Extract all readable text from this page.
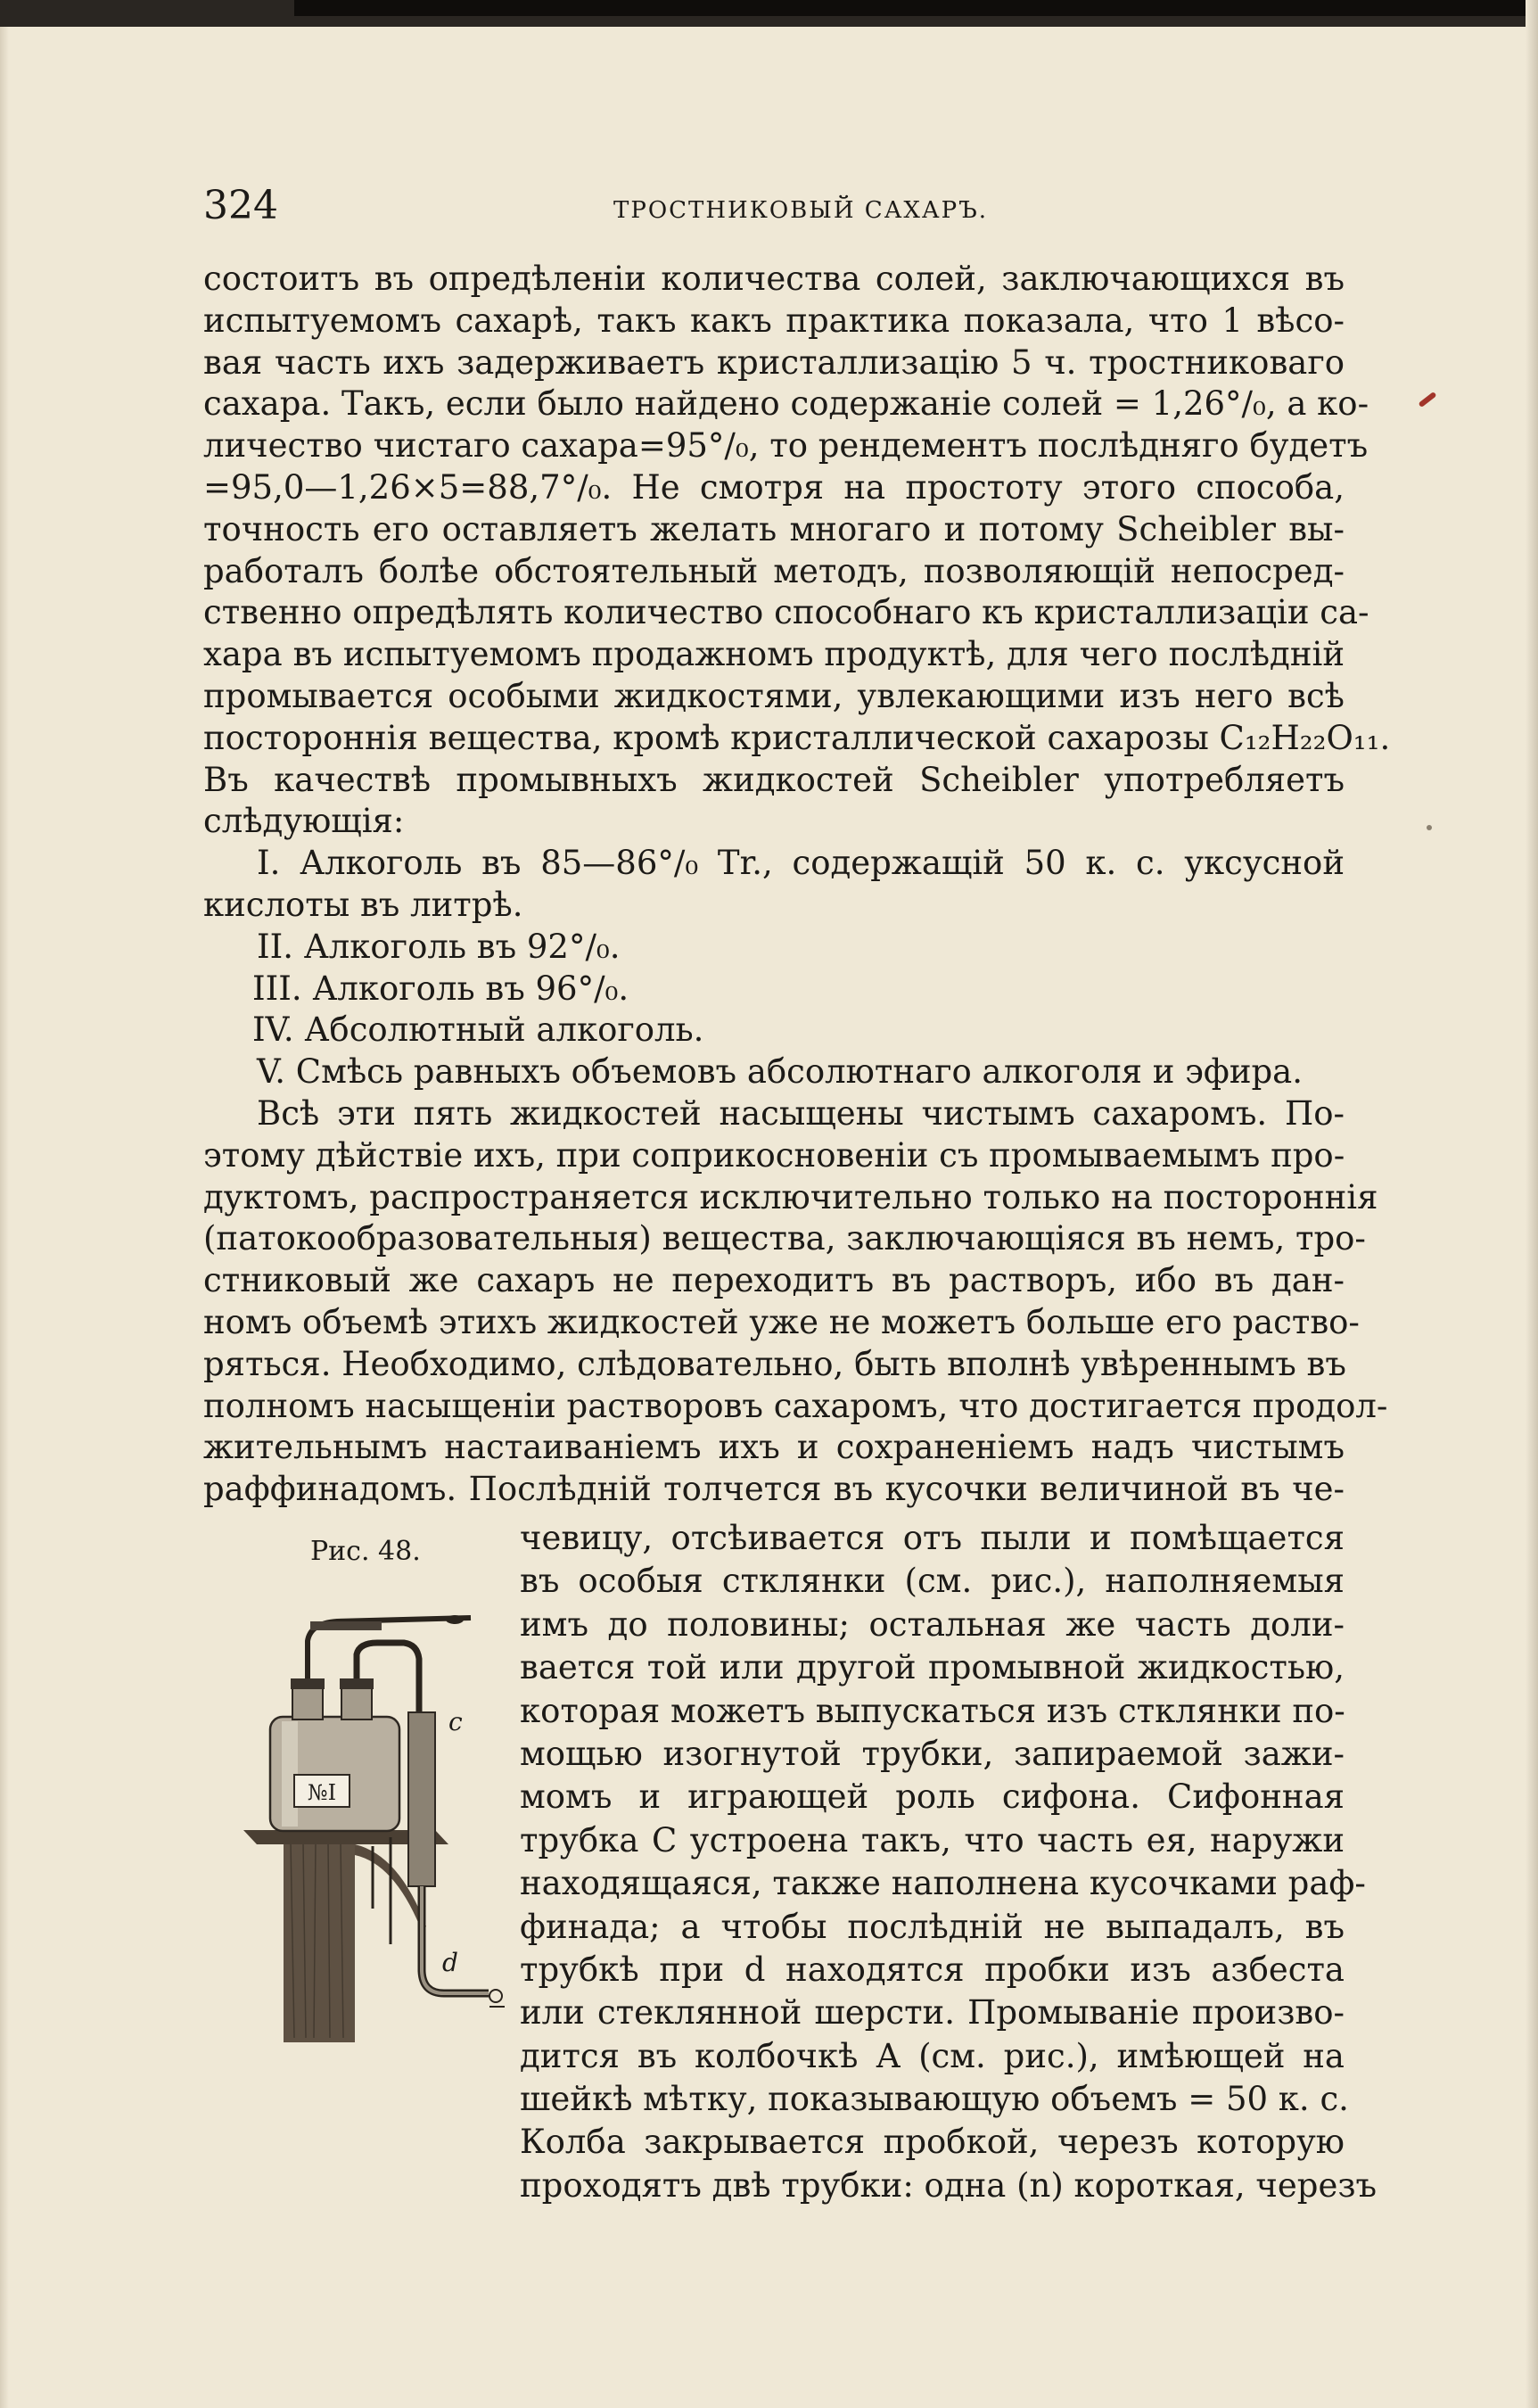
324	ТРОСТНИКОВЫЙ САХАРЪ.
состоитъ въ опредѣленіи количества солей, заключающихся въ
испытуемомъ сахарѣ, такъ какъ практика показала, что 1 вѣсо-
вая часть ихъ задерживаетъ кристаллизацію 5 ч. тростниковаго
сахара. Такъ, если было найдено содержаніе солей = 1,26°/₀, а ко-
личество чистаго сахара=95°/₀, то рендементъ послѣдняго будетъ
=95,0—1,26×5=88,7°/₀. Не смотря на простоту этого способа,
точность его оставляетъ желать многаго и потому Scheibler вы-
работалъ болѣе обстоятельный методъ, позволяющій непосред-
ственно опредѣлять количество способнаго къ кристаллизаціи са-
хара въ испытуемомъ продажномъ продуктѣ, для чего послѣдній
промывается особыми жидкостями, увлекающими изъ него всѣ
постороннія вещества, кромѣ кристаллической сахарозы C₁₂H₂₂O₁₁.
Въ качествѣ промывныхъ жидкостей Scheibler употребляетъ
слѣдующія:
I. Алкоголь въ 85—86°/₀ Tr., содержащій 50 к. с. уксусной
кислоты въ литрѣ.
II. Алкоголь въ 92°/₀.
III. Алкоголь въ 96°/₀.
IV. Абсолютный алкоголь.
V. Смѣсь равныхъ объемовъ абсолютнаго алкоголя и эфира.
Всѣ эти пять жидкостей насыщены чистымъ сахаромъ. По-
этому дѣйствіе ихъ, при соприкосновеніи съ промываемымъ про-
дуктомъ, распространяется исключительно только на постороннія
(патокообразовательныя) вещества, заключающіяся въ немъ, тро-
стниковый же сахаръ не переходитъ въ растворъ, ибо въ дан-
номъ объемѣ этихъ жидкостей уже не можетъ больше его раство-
ряться. Необходимо, слѣдовательно, быть вполнѣ увѣреннымъ въ
полномъ насыщеніи растворовъ сахаромъ, что достигается продол-
жительнымъ настаиваніемъ ихъ и сохраненіемъ надъ чистымъ
раффинадомъ. Послѣдній толчется въ кусочки величиной въ че-
Рис. 48.
№I
c
d
чевицу, отсѣивается отъ пыли и помѣщается
въ особыя стклянки (см. рис.), наполняемыя
имъ до половины; остальная же часть доли-
вается той или другой промывной жидкостью,
которая можетъ выпускаться изъ стклянки по-
мощью изогнутой трубки, запираемой зажи-
момъ и играющей роль сифона. Сифонная
трубка С устроена такъ, что часть ея, наружи
находящаяся, также наполнена кусочками раф-
финада; а чтобы послѣдній не выпадалъ, въ
трубкѣ при d находятся пробки изъ азбеста
или стеклянной шерсти. Промываніе произво-
дится въ колбочкѣ А (см. рис.), имѣющей на
шейкѣ мѣтку, показывающую объемъ = 50 к. с.
Колба закрывается пробкой, черезъ которую
проходятъ двѣ трубки: одна (n) короткая, черезъ
